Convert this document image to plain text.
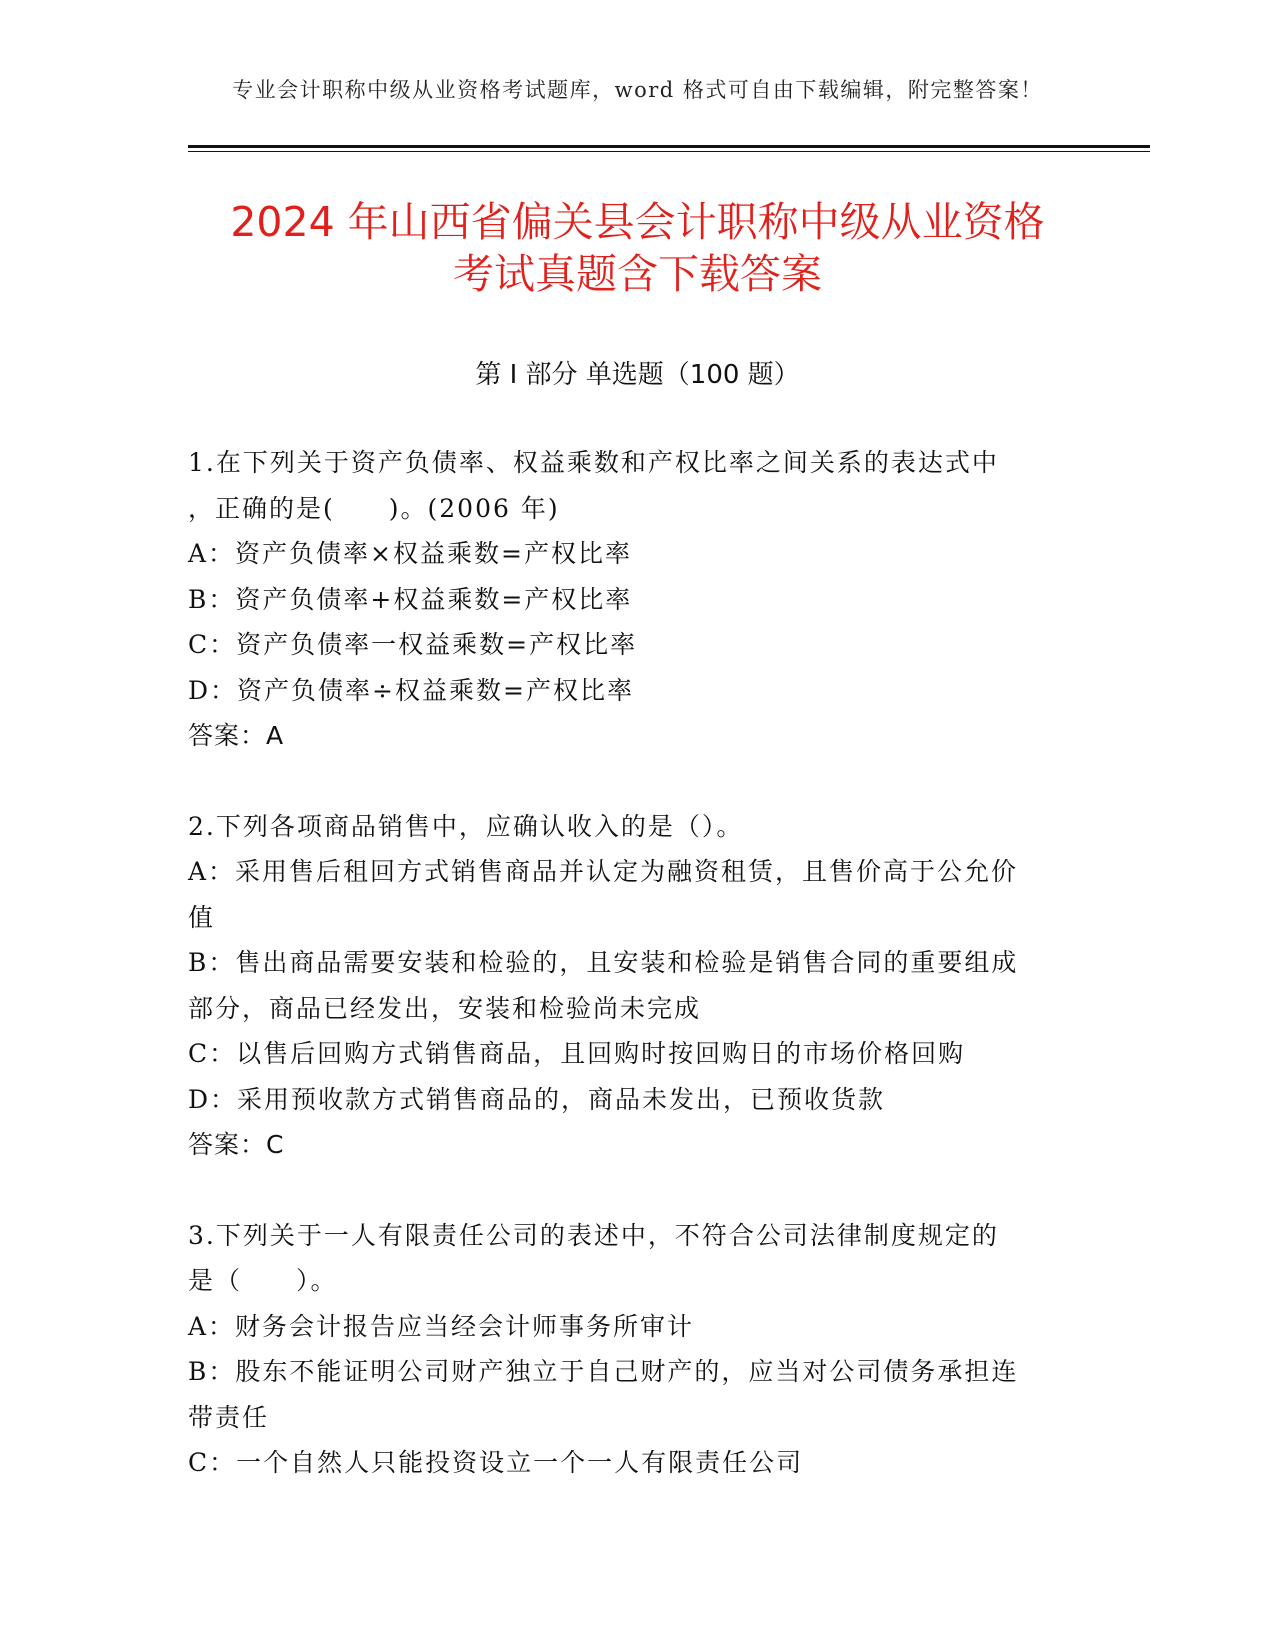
专业会计职称中级从业资格考试题库，word 格式可自由下载编辑，附完整答案！
2024 年山西省偏关县会计职称中级从业资格
考试真题含下载答案
第 I 部分 单选题（100 题）
1.在下列关于资产负债率、权益乘数和产权比率之间关系的表达式中
，正确的是(　　)。(2006 年)
A：资产负债率×权益乘数=产权比率
B：资产负债率+权益乘数=产权比率
C：资产负债率一权益乘数=产权比率
D：资产负债率÷权益乘数=产权比率
答案：A
2.下列各项商品销售中，应确认收入的是（）。
A：采用售后租回方式销售商品并认定为融资租赁，且售价高于公允价
值
B：售出商品需要安装和检验的，且安装和检验是销售合同的重要组成
部分，商品已经发出，安装和检验尚未完成
C：以售后回购方式销售商品，且回购时按回购日的市场价格回购
D：采用预收款方式销售商品的，商品未发出，已预收货款
答案：C
3.下列关于一人有限责任公司的表述中，不符合公司法律制度规定的
是（　　）。
A：财务会计报告应当经会计师事务所审计
B：股东不能证明公司财产独立于自己财产的，应当对公司债务承担连
带责任
C：一个自然人只能投资设立一个一人有限责任公司
